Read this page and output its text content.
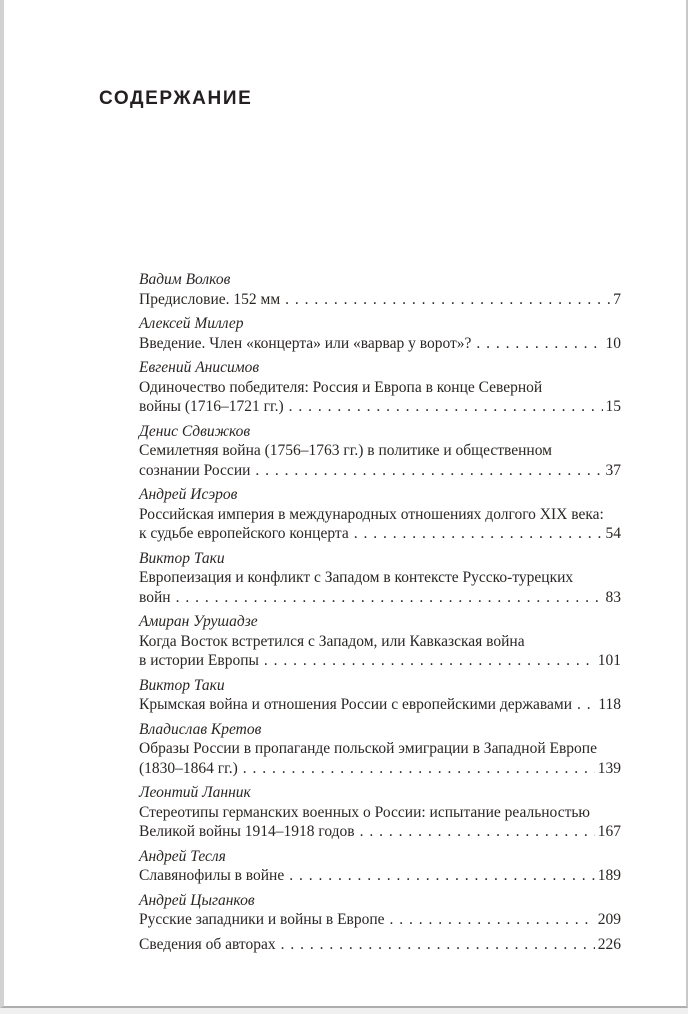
СОДЕРЖАНИЕ
Вадим Волков
Предисловие. 152 мм . . .	7
Алексей Миллер
Введение. Член «концерта» или «варвар у ворот»? . . .	10
Евгений Анисимов
Одиночество победителя: Россия и Европа в конце Северной
войны (1716–1721 гг.) . . .	15
Денис Сдвижков
Семилетняя война (1756–1763 гг.) в политике и общественном
сознании России . . .	37
Андрей Исэров
Российская империя в международных отношениях долгого XIX века:
к судьбе европейского концерта . . .	54
Виктор Таки
Европеизация и конфликт с Западом в контексте Русско-турецких
войн . . .	83
Амиран Урушадзе
Когда Восток встретился с Западом, или Кавказская война
в истории Европы . . .	101
Виктор Таки
Крымская война и отношения России с европейскими державами . . . 118
Владислав Кретов
Образы России в пропаганде польской эмиграции в Западной Европе
(1830–1864 гг.) . . .	139
Леонтий Ланник
Стереотипы германских военных о России: испытание реальностью
Великой войны 1914–1918 годов . . .	167
Андрей Тесля
Славянофилы в войне . . .	189
Андрей Цыганков
Русские западники и войны в Европе . . .	209
Сведения об авторах . . .	226
